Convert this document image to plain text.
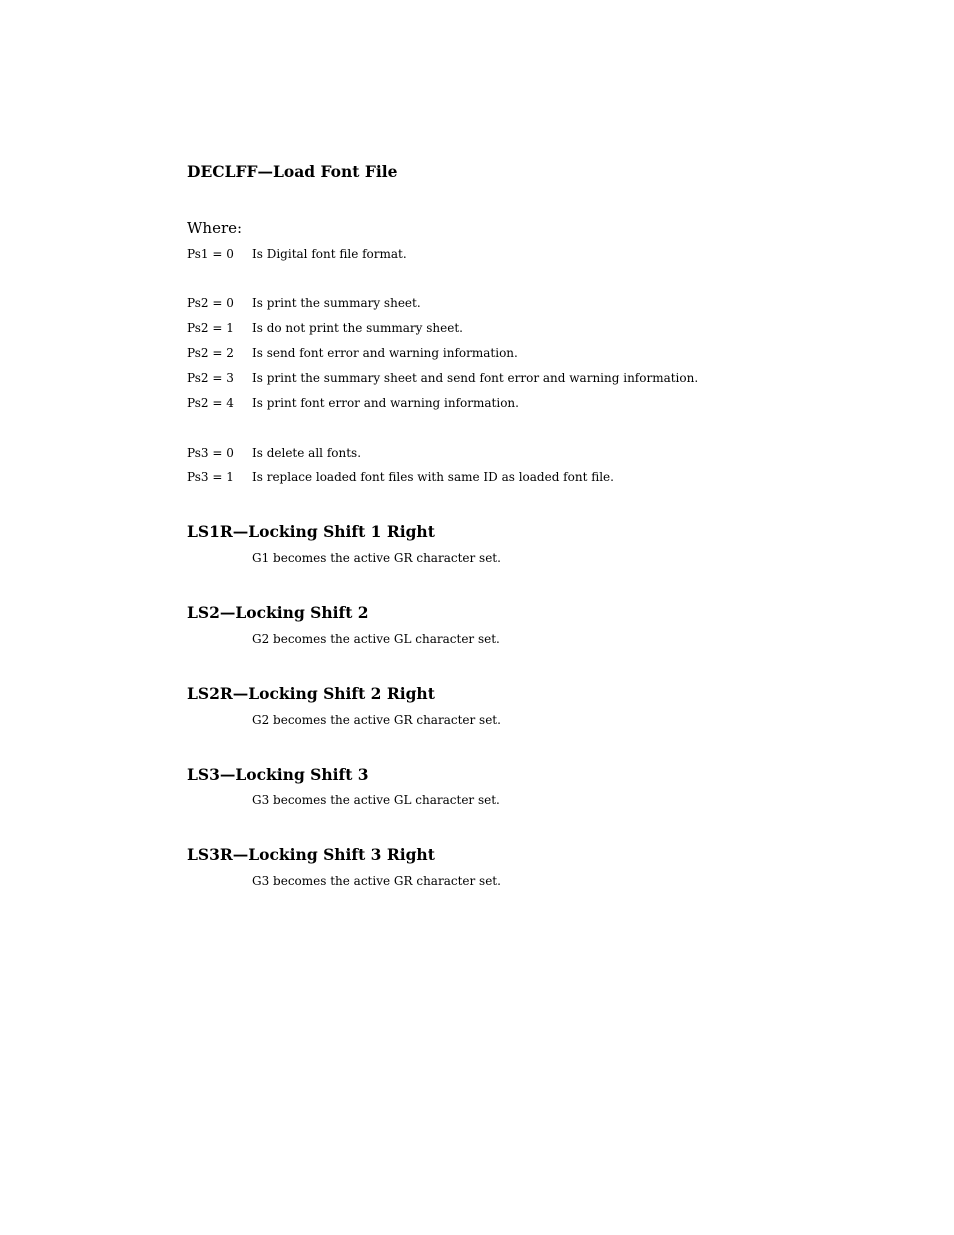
DECLFF—Load Font File
Where:
Ps1 = 0 Is Digital font file format.
Ps2 = 0 Is print the summary sheet.
Ps2 = 1 Is do not print the summary sheet.
Ps2 = 2 Is send font error and warning information.
Ps2 = 3 Is print the summary sheet and send font error and warning information.
Ps2 = 4 Is print font error and warning information.
Ps3 = 0 Is delete all fonts.
Ps3 = 1 Is replace loaded font files with same ID as loaded font file.
LS1R—Locking Shift 1 Right
G1 becomes the active GR character set.
LS2—Locking Shift 2
G2 becomes the active GL character set.
LS2R—Locking Shift 2 Right
G2 becomes the active GR character set.
LS3—Locking Shift 3
G3 becomes the active GL character set.
LS3R—Locking Shift 3 Right
G3 becomes the active GR character set.
